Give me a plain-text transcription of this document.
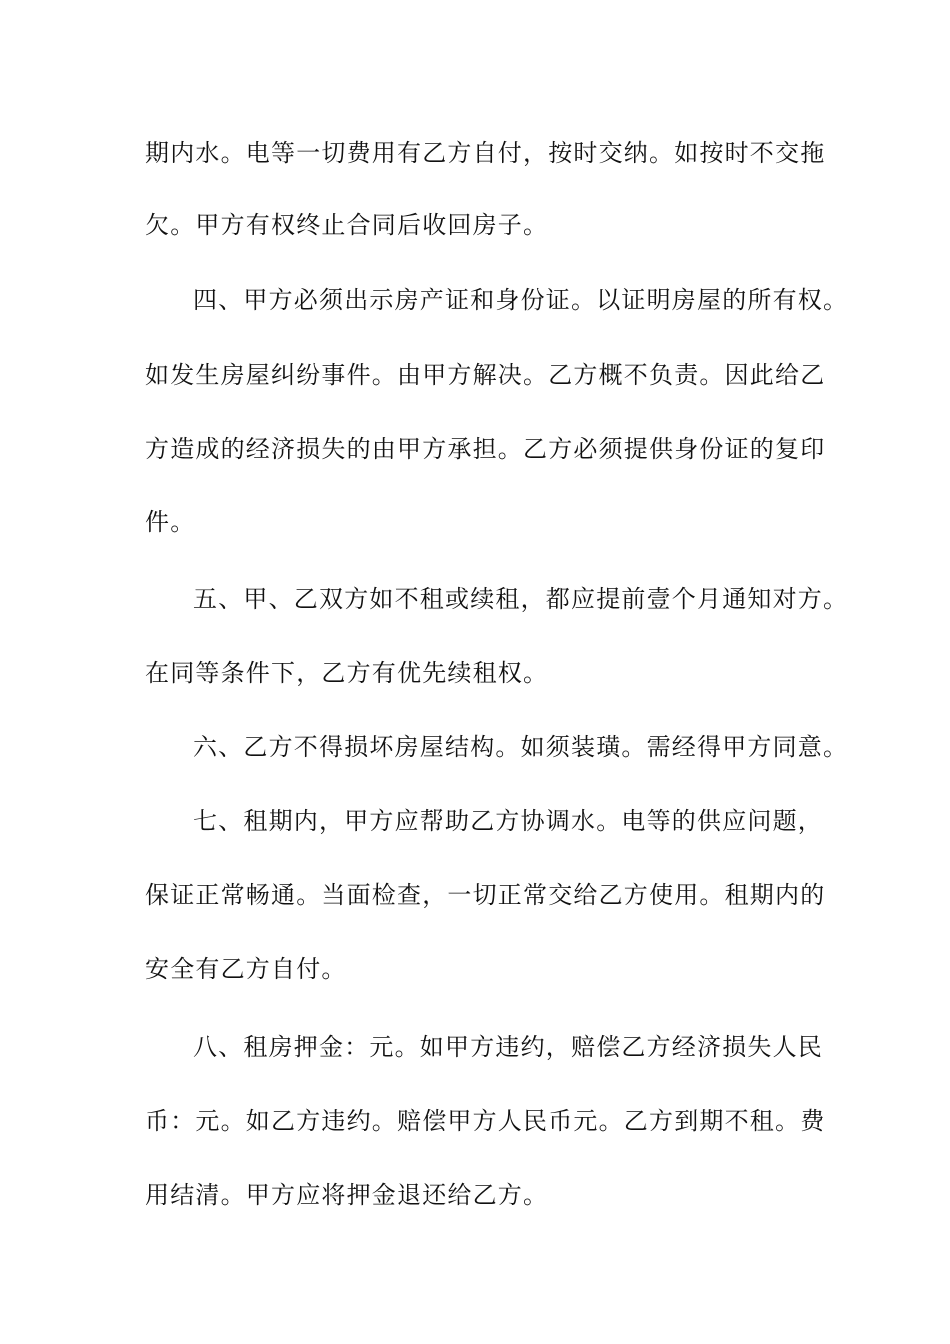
期内水。电等一切费用有乙方自付，按时交纳。如按时不交拖
欠。甲方有权终止合同后收回房子。
四、甲方必须出示房产证和身份证。以证明房屋的所有权。
如发生房屋纠纷事件。由甲方解决。乙方概不负责。因此给乙
方造成的经济损失的由甲方承担。乙方必须提供身份证的复印
件。
五、甲、乙双方如不租或续租，都应提前壹个月通知对方。
在同等条件下，乙方有优先续租权。
六、乙方不得损坏房屋结构。如须装璜。需经得甲方同意。
七、租期内，甲方应帮助乙方协调水。电等的供应问题，
保证正常畅通。当面检查，一切正常交给乙方使用。租期内的
安全有乙方自付。
八、租房押金：元。如甲方违约，赔偿乙方经济损失人民
币：元。如乙方违约。赔偿甲方人民币元。乙方到期不租。费
用结清。甲方应将押金退还给乙方。
